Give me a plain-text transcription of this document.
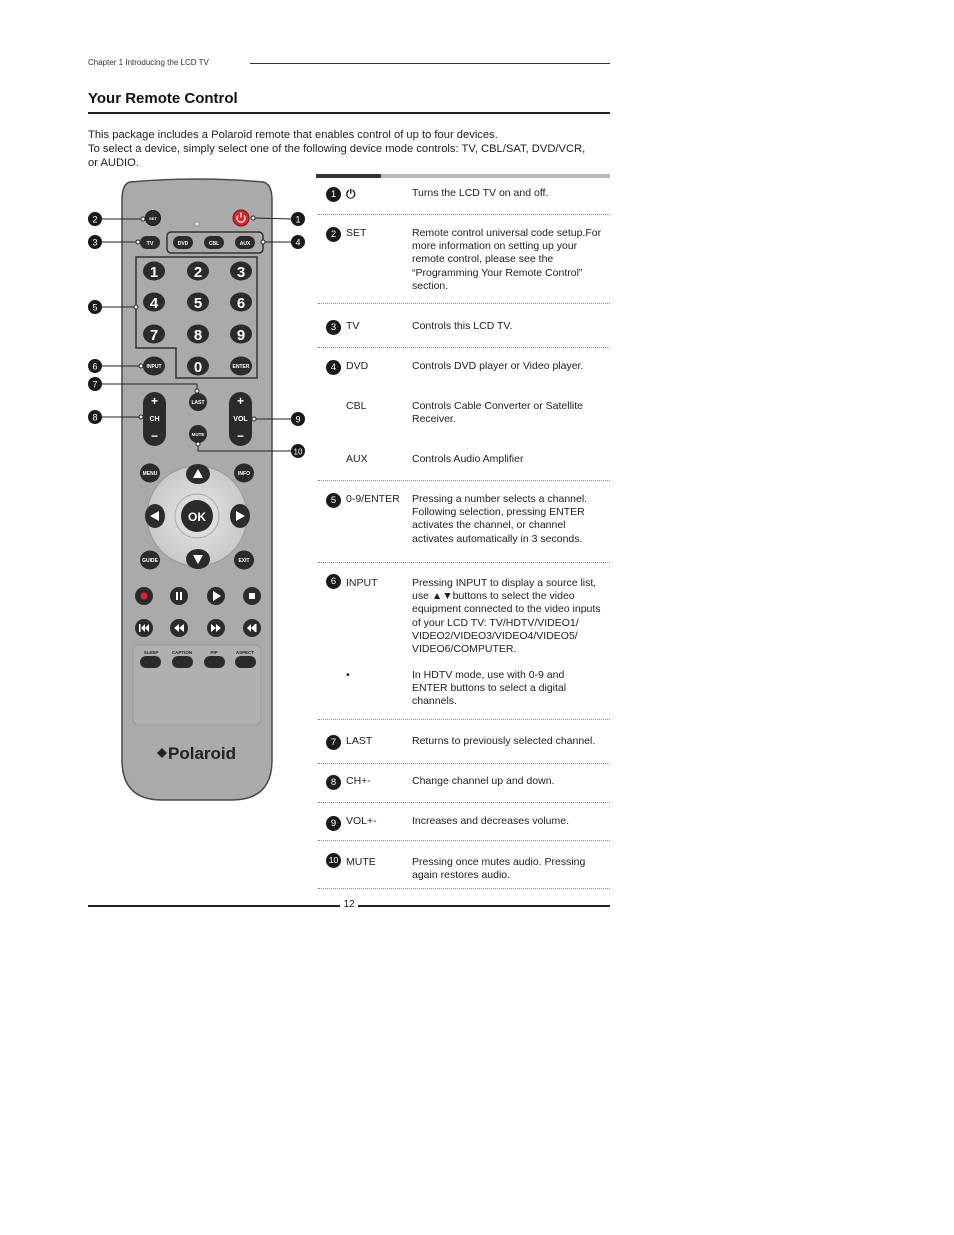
Chapter 1 Introducing the LCD TV
Your Remote Control
This package includes a Polaroid remote that enables control of up to four devices.
To select a device, simply select one of the following device mode controls: TV, CBL/SAT, DVD/VCR,
or AUDIO.
SET
TV	DVD	CBL	AUX
1 2 3
4 5 6
7 8 9
INPUT 0	ENTER
LAST
MUTE
+
CH
−
+
VOL
−
MENU	INFO
GUIDE	EXIT
OK
SLEEP	CAPTION	PIP	ASPECT
Polaroid
1
2
3	4
5
6
7
8	9
10
1 ⏻	Turns the LCD TV on and off.
2 SET	Remote control universal code setup.For
more information on setting up your
remote control, please see the
“Programming Your Remote Control”
section.
3 TV	Controls this LCD TV.
4 DVD	Controls DVD player or Video player.
CBL	Controls Cable Converter or Satellite
Receiver.
AUX	Controls Audio Amplifier
5 0-9/ENTER Pressing a number selects a channel.
Following selection, pressing ENTER
activates the channel, or channel
activates automatically in 3 seconds.
6 INPUT	Pressing INPUT to display a source list,
use ▲▼buttons to select the video
equipment connected to the video inputs
of your LCD TV: TV/HDTV/VIDEO1/
VIDEO2/VIDEO3/VIDEO4/VIDEO5/
VIDEO6/COMPUTER.
•	In HDTV mode, use with 0-9 and
ENTER buttons to select a digital
channels.
7 LAST	Returns to previously selected channel.
8 CH+-	Change channel up and down.
9 VOL+-	Increases and decreases volume.
10 MUTE	Pressing once mutes audio. Pressing
again restores audio.
12
